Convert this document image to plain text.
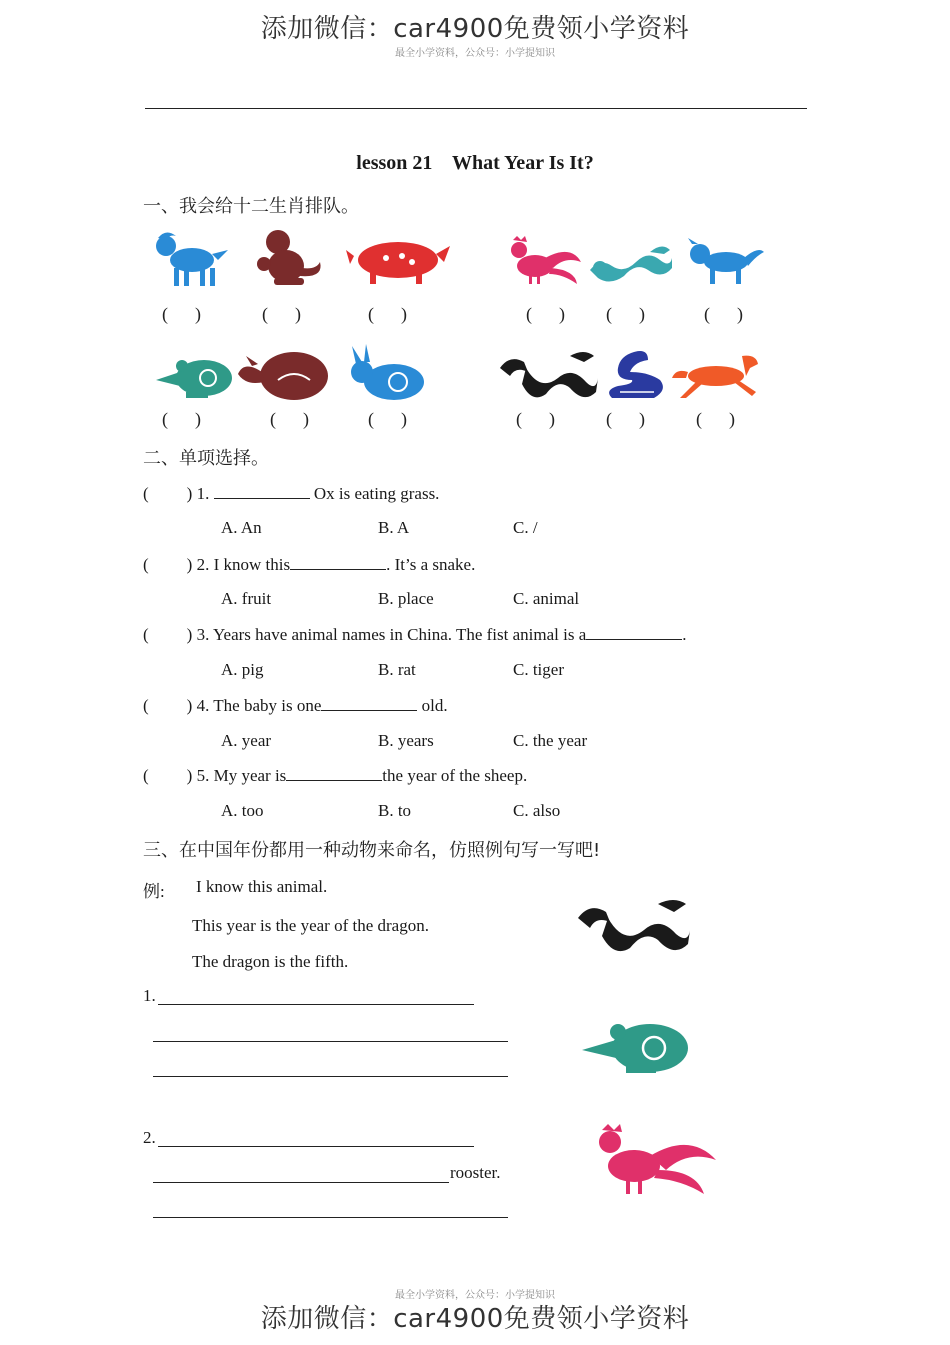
添加微信：car4900免费领小学资料
最全小学资料，公众号：小学提知识
lesson 21    What Year Is It?
一、我会给十二生肖排队。
(      )	(      )	(      )	(      ) (      )	(      )
(      )	(      )	(      )	(      )	(      )	(      )
二、单项选择。
( ) 1.	Ox is eating grass.
A. An	B. A	C. /
( ) 2. I know this	. It’s a snake.
A. fruit	B. place	C. animal
( ) 3. Years have animal names in China. The fist animal is a	.
A. pig	B. rat	C. tiger
( ) 4. The baby is one	old.
A. year	B. years	C. the year
( ) 5. My year is	the year of the sheep.
A. too	B. to	C. also
三、在中国年份都用一种动物来命名，仿照例句写一写吧!
例: I know this animal.
This year is the year of the dragon.
The dragon is the fifth.
1.
2.
rooster.
最全小学资料，公众号：小学提知识
添加微信：car4900免费领小学资料
